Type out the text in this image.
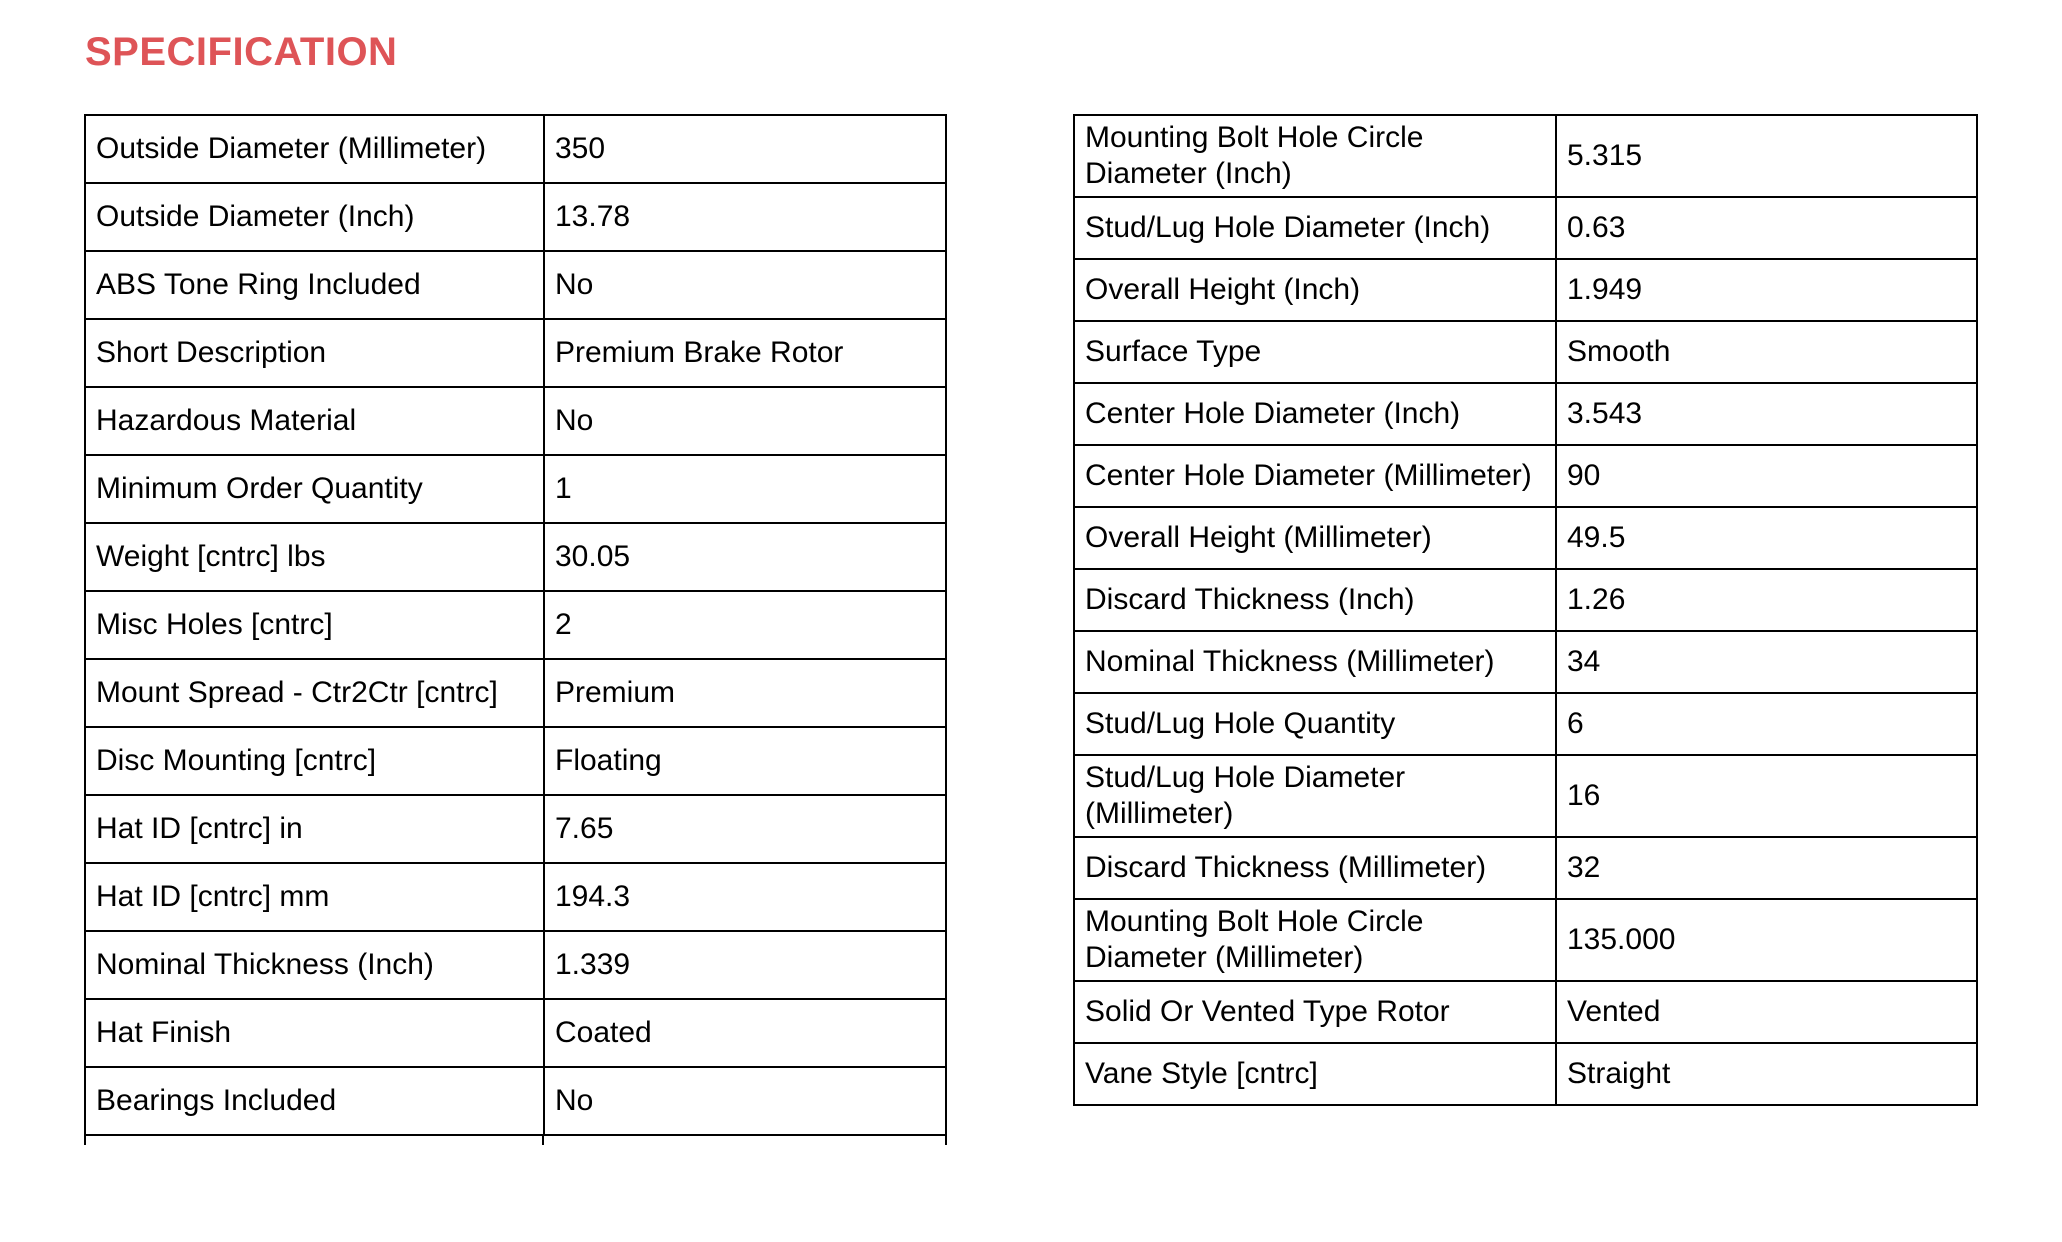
SPECIFICATION
Outside Diameter (Millimeter)	350
Outside Diameter (Inch)	13.78
ABS Tone Ring Included	No
Short Description	Premium Brake Rotor
Hazardous Material	No
Minimum Order Quantity	1
Weight [cntrc] lbs	30.05
Misc Holes [cntrc]	2
Mount Spread - Ctr2Ctr [cntrc]	Premium
Disc Mounting [cntrc]	Floating
Hat ID [cntrc] in	7.65
Hat ID [cntrc] mm	194.3
Nominal Thickness (Inch)	1.339
Hat Finish	Coated
Bearings Included	No
Mounting Bolt Hole Circle Diameter (Inch)	5.315
Stud/Lug Hole Diameter (Inch)	0.63
Overall Height (Inch)	1.949
Surface Type	Smooth
Center Hole Diameter (Inch)	3.543
Center Hole Diameter (Millimeter)	90
Overall Height (Millimeter)	49.5
Discard Thickness (Inch)	1.26
Nominal Thickness (Millimeter)	34
Stud/Lug Hole Quantity	6
Stud/Lug Hole Diameter (Millimeter)	16
Discard Thickness (Millimeter)	32
Mounting Bolt Hole Circle Diameter (Millimeter)	135.000
Solid Or Vented Type Rotor	Vented
Vane Style [cntrc]	Straight
